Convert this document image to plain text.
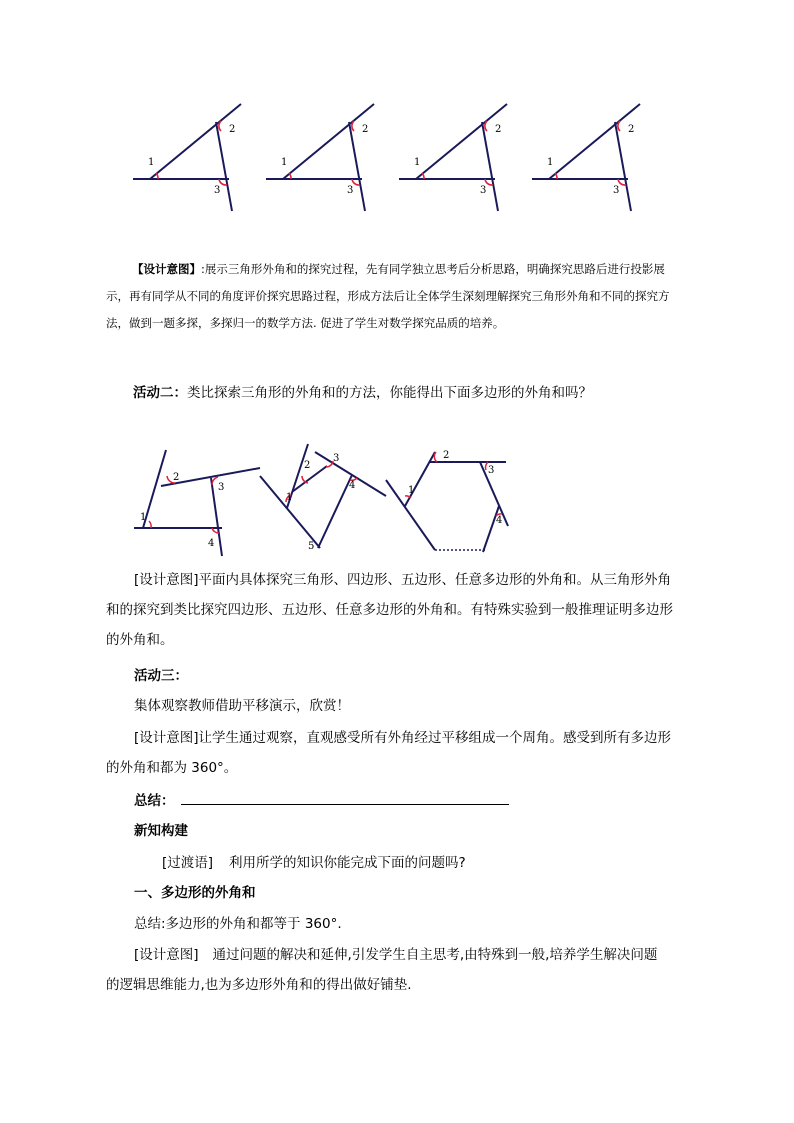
1
2
3
1
2
3
1
2
3
1
2
3
【设计意图】:展示三角形外角和的探究过程，先有同学独立思考后分析思路，明确探究思路后进行投影展
示，再有同学从不同的角度评价探究思路过程，形成方法后让全体学生深刻理解探究三角形外角和不同的探究方
法，做到一题多探，多探归一的数学方法. 促进了学生对数学探究品质的培养。
活动二：类比探索三角形的外角和的方法，你能得出下面多边形的外角和吗？
1
2
3
4
1
2
3
4
5
1
2
3
4
[设计意图]平面内具体探究三角形、四边形、五边形、任意多边形的外角和。从三角形外角
和的探究到类比探究四边形、五边形、任意多边形的外角和。有特殊实验到一般推理证明多边形
的外角和。
活动三：
集体观察教师借助平移演示，欣赏！
[设计意图]让学生通过观察，直观感受所有外角经过平移组成一个周角。感受到所有多边形
的外角和都为 360°。
总结：
新知构建
[过渡语] 利用所学的知识你能完成下面的问题吗?
一、多边形的外角和
总结:多边形的外角和都等于 360°.
[设计意图] 通过问题的解决和延伸,引发学生自主思考,由特殊到一般,培养学生解决问题
的逻辑思维能力,也为多边形外角和的得出做好铺垫.
